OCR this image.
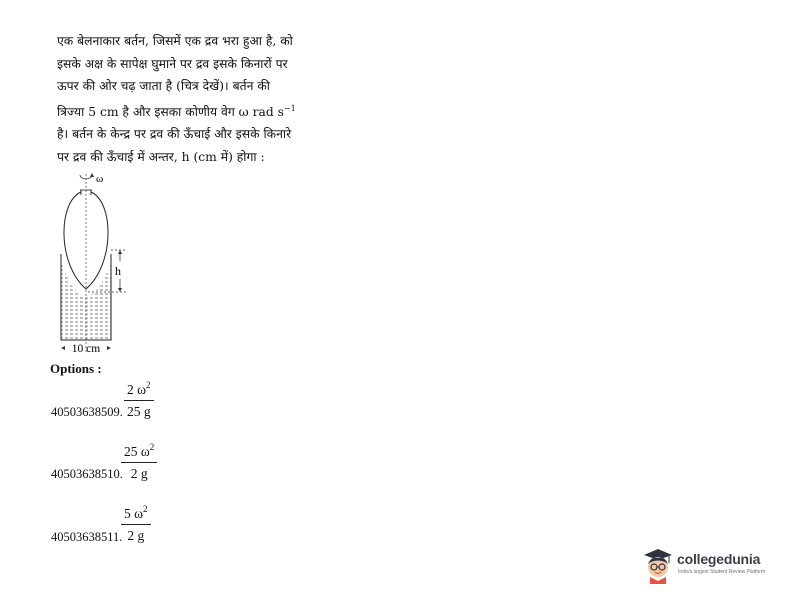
एक बेलनाकार बर्तन, जिसमें एक द्रव भरा हुआ है, को

इसके अक्ष के सापेक्ष घुमाने पर द्रव इसके किनारों पर

ऊपर की ओर चढ़ जाता है (चित्र देखें)। बर्तन की

त्रिज्या 5 cm है और इसका कोणीय वेग ω rad $s^{-1}$

है। बर्तन के केन्द्र पर द्रव की ऊँचाई और इसके किनारे

पर द्रव की ऊँचाई में अन्तर, h (cm में) होगा :

ω
h
10 cm
Options :
40503638509. $\frac{2 \omega^2}{25 g}$
40503638510.
$\frac{25 \omega^2}{2 g}$
40503638511.
$\frac{5 \omega^2}{2 g}$
collegedunia
India's largest Student Review Platform
